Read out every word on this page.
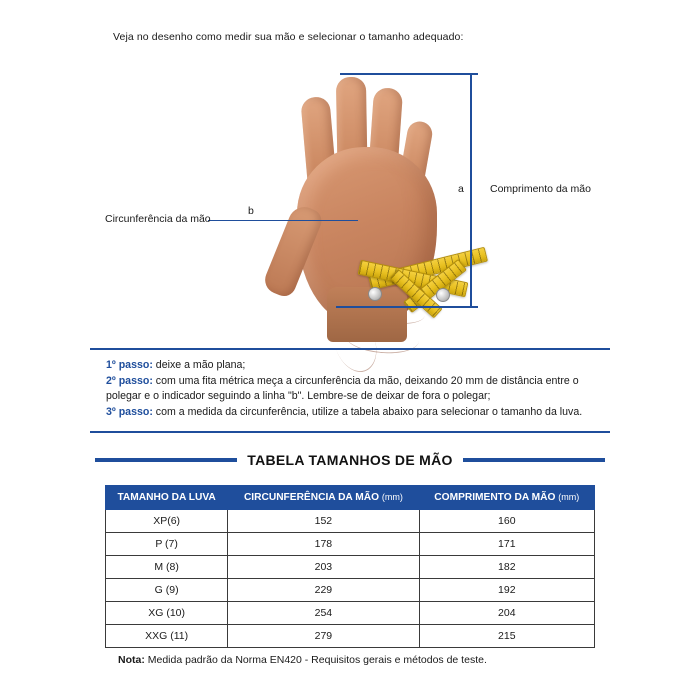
Veja no desenho como medir sua mão e selecionar o tamanho adequado:
a
b
Comprimento da mão
Circunferência da mão

1º passo: deixe a mão plana;

2º passo: com uma fita métrica meça a circunferência da mão, deixando 20 mm de distância entre o polegar e o indicador seguindo a linha "b". Lembre-se de deixar de fora o polegar;

3º passo: com a medida da circunferência, utilize a tabela abaixo para selecionar o tamanho da luva.

TABELA TAMANHOS DE MÃO
TAMANHO DA LUVA	CIRCUNFERÊNCIA DA MÃO (mm)	COMPRIMENTO DA MÃO (mm)
XP(6)	152	160
P (7)	178	171
M (8)	203	182
G (9)	229	192
XG (10)	254	204
XXG (11)	279	215
Nota: Medida padrão da Norma EN420 - Requisitos gerais e métodos de teste.
